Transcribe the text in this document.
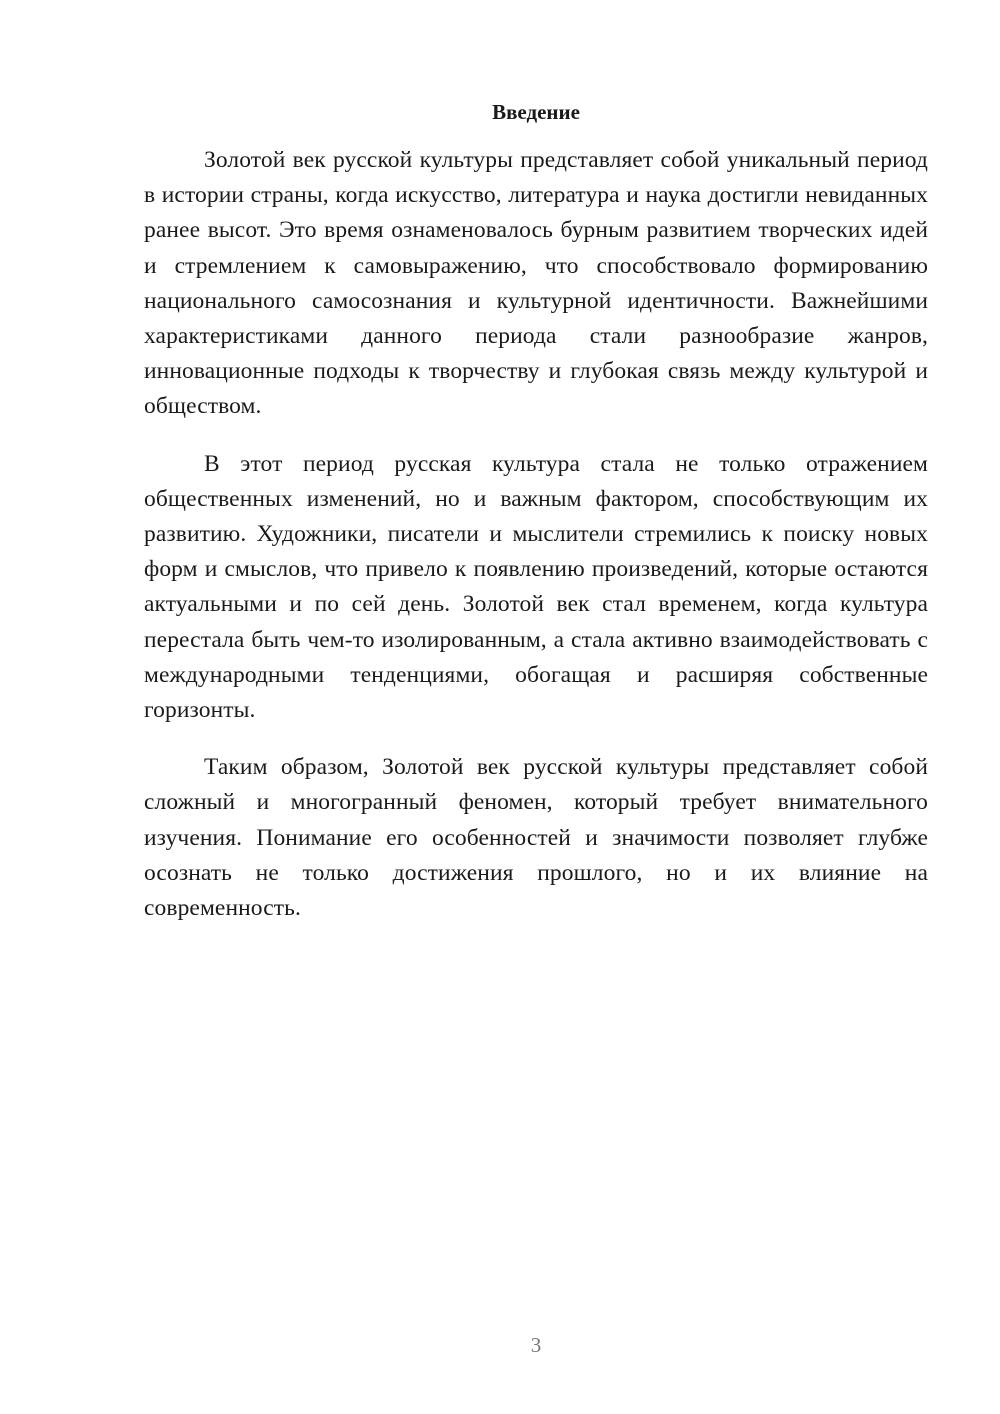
Введение

Золотой век русской культуры представляет собой уникальный период в истории страны, когда искусство, литература и наука достигли невиданных ранее высот. Это время ознаменовалось бурным развитием творческих идей и стремлением к самовыражению, что способствовало формированию национального самосознания и культурной идентичности. Важнейшими характеристиками данного периода стали разнообразие жанров, инновационные подходы к творчеству и глубокая связь между культурой и обществом.

В этот период русская культура стала не только отражением общественных изменений, но и важным фактором, способствующим их развитию. Художники, писатели и мыслители стремились к поиску новых форм и смыслов, что привело к появлению произведений, которые остаются актуальными и по сей день. Золотой век стал временем, когда культура перестала быть чем-то изолированным, а стала активно взаимодействовать с международными тенденциями, обогащая и расширяя собственные горизонты.

Таким образом, Золотой век русской культуры представляет собой сложный и многогранный феномен, который требует внимательного изучения. Понимание его особенностей и значимости позволяет глубже осознать не только достижения прошлого, но и их влияние на современность.

3
